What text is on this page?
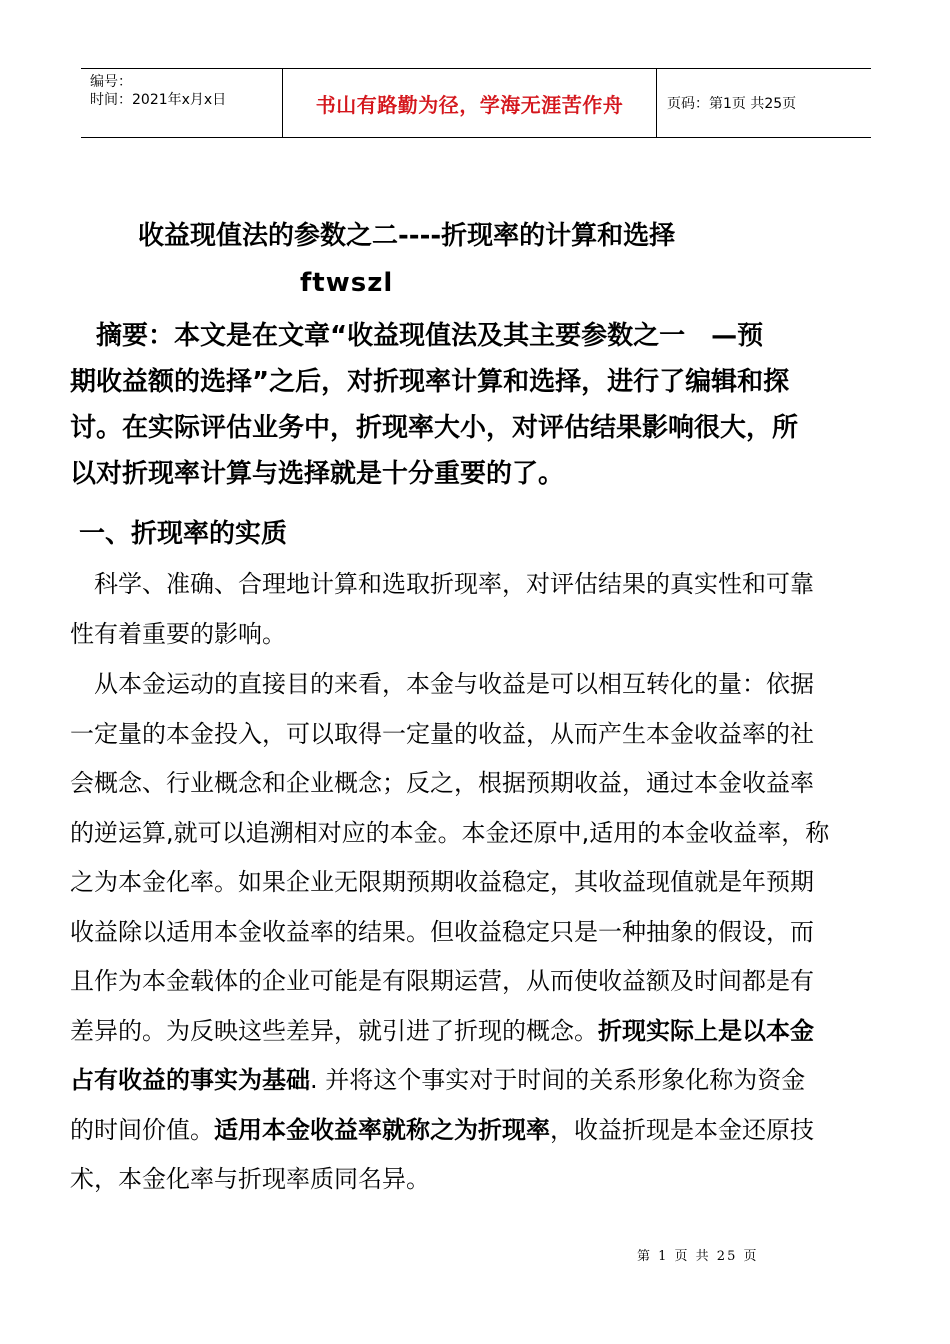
编号：
时间：2021年x月x日	书山有路勤为径，学海无涯苦作舟	页码：第1页 共25页
收益现值法的参数之二----折现率的计算和选择
ftwszl
　摘要：本文是在文章“收益现值法及其主要参数之一　—预
期收益额的选择”之后，对折现率计算和选择，进行了编辑和探
讨。在实际评估业务中，折现率大小，对评估结果影响很大，所
以对折现率计算与选择就是十分重要的了。
一、折现率的实质
　科学、准确、合理地计算和选取折现率，对评估结果的真实性和可靠
性有着重要的影响。
　从本金运动的直接目的来看，本金与收益是可以相互转化的量：依据
一定量的本金投入，可以取得一定量的收益，从而产生本金收益率的社
会概念、行业概念和企业概念；反之，根据预期收益，通过本金收益率
的逆运算,就可以追溯相对应的本金。本金还原中,适用的本金收益率，称
之为本金化率。如果企业无限期预期收益稳定，其收益现值就是年预期
收益除以适用本金收益率的结果。但收益稳定只是一种抽象的假设，而
且作为本金载体的企业可能是有限期运营，从而使收益额及时间都是有
差异的。为反映这些差异，就引进了折现的概念。折现实际上是以本金
占有收益的事实为基础. 并将这个事实对于时间的关系形象化称为资金
的时间价值。适用本金收益率就称之为折现率，收益折现是本金还原技
术，本金化率与折现率质同名异。
第 1 页 共 25 页
